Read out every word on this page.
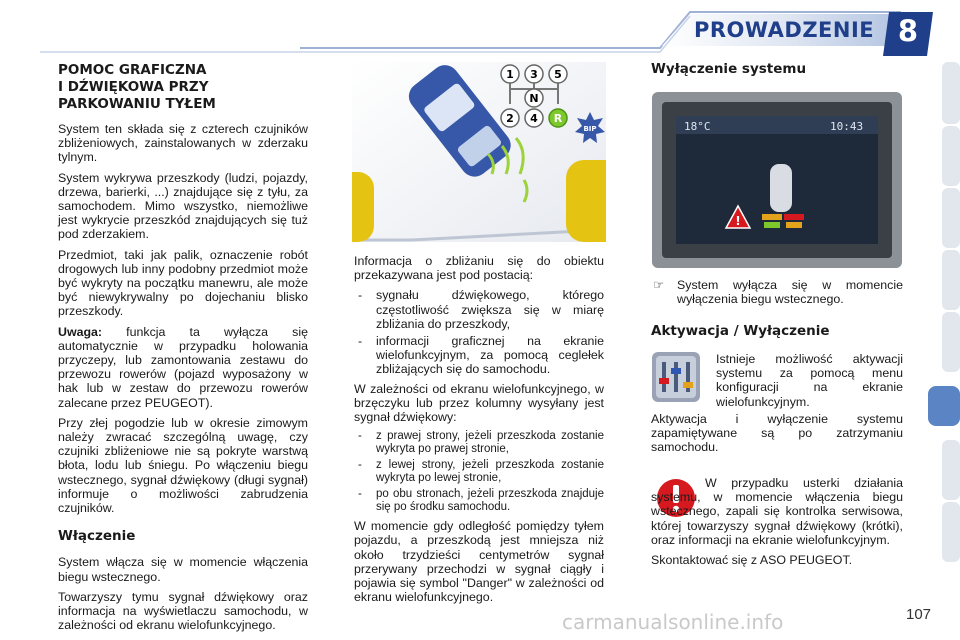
PROWADZENIE 8
POMOC GRAFICZNA
I DŹWIĘKOWA PRZY
PARKOWANIU TYŁEM

System ten składa się z czterech czujników zbliżeniowych, zainstalowanych w zderzaku tylnym.

System wykrywa przeszkody (ludzi, pojazdy, drzewa, barierki, ...) znajdujące się z tyłu, za samochodem. Mimo wszystko, niemożliwe jest wykrycie przeszkód znajdujących się tuż pod zderzakiem.

Przedmiot, taki jak palik, oznaczenie robót drogowych lub inny podobny przedmiot może być wykryty na początku manewru, ale może być niewykrywalny po dojechaniu blisko przeszkody.

Uwaga: funkcja ta wyłącza się automatycznie w przypadku holowania przyczepy, lub zamontowania zestawu do przewozu rowerów (pojazd wyposażony w hak lub w zestaw do przewozu rowerów zalecane przez PEUGEOT).

Przy złej pogodzie lub w okresie zimowym należy zwracać szczególną uwagę, czy czujniki zbliżeniowe nie są pokryte warstwą błota, lodu lub śniegu. Po włączeniu biegu wstecznego, sygnał dźwiękowy (długi sygnał) informuje o możliwości zabrudzenia czujników.

Włączenie

System włącza się w momencie włączenia biegu wstecznego.

Towarzyszy tymu sygnał dźwiękowy oraz informacja na wyświetlaczu samochodu, w zależności od ekranu wielofunkcyjnego.

1 3 5
N
2 4 R
BIP

Informacja o zbliżaniu się do obiektu przekazywana jest pod postacią:

- sygnału dźwiękowego, którego częstotliwość zwiększa się w miarę zbliżania do przeszkody,
- informacji graficznej na ekranie wielofunkcyjnym, za pomocą ceglełek zbliżających się do samochodu.

W zależności od ekranu wielofunkcyjnego, w brzęczyku lub przez kolumny wysyłany jest sygnał dźwiękowy:

- z prawej strony, jeżeli przeszkoda zostanie wykryta po prawej stronie,
- z lewej strony, jeżeli przeszkoda zostanie wykryta po lewej stronie,
- po obu stronach, jeżeli przeszkoda znajduje się po środku samochodu.

W momencie gdy odległość pomiędzy tyłem pojazdu, a przeszkodą jest mniejsza niż około trzydzieści centymetrów sygnał przerywany przechodzi w sygnał ciągły i pojawia się symbol "Danger" w zależności od ekranu wielofunkcyjnego.

Wyłączenie systemu
18°C	10:43
!
☞ System wyłącza się w momencie wyłączenia biegu wstecznego.
Aktywacja / Wyłączenie

Istnieje możliwość aktywacji systemu za pomocą menu konfiguracji na ekranie wielofunkcyjnym.

Aktywacja i wyłączenie systemu zapamiętywane są po zatrzymaniu samochodu.

W przypadku usterki działania systemu, w momencie włączenia biegu wstecznego, zapali się kontrolka serwisowa, której towarzyszy sygnał dźwiękowy (krótki), oraz informacji na ekranie wielofunkcyjnym.

Skontaktować się z ASO PEUGEOT.

carmanualsonline.info	107
